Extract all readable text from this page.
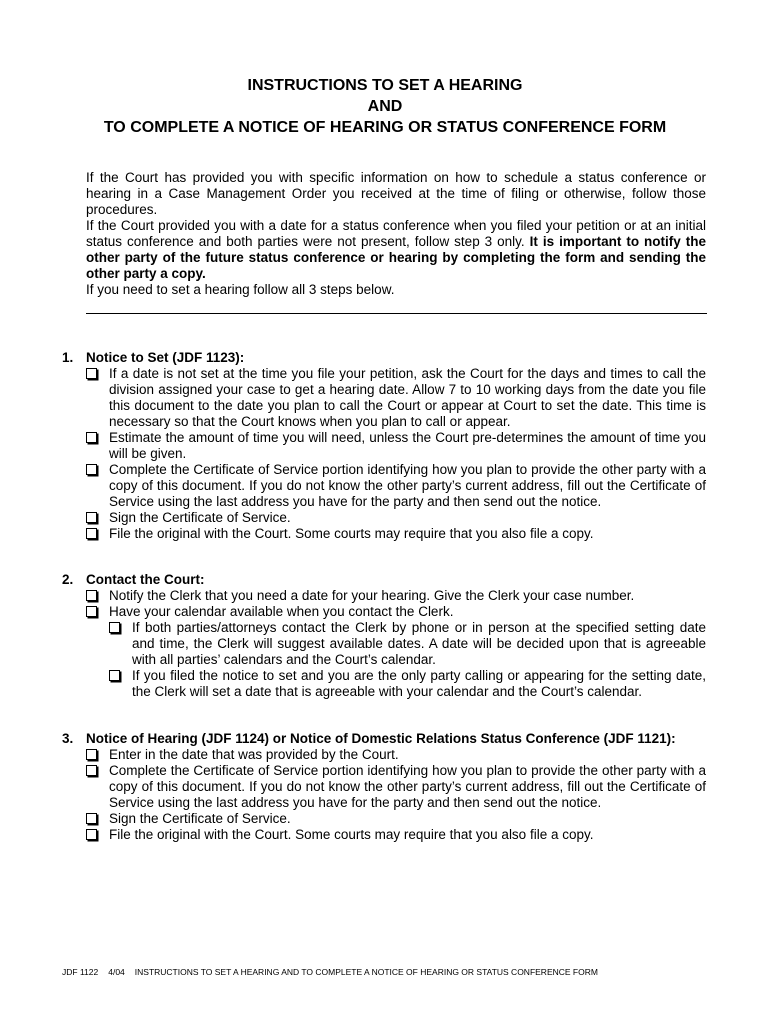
INSTRUCTIONS TO SET A HEARING
AND
TO COMPLETE A NOTICE OF HEARING OR STATUS CONFERENCE FORM
If the Court has provided you with specific information on how to schedule a status conference or hearing in a Case Management Order you received at the time of filing or otherwise, follow those procedures.
If the Court provided you with a date for a status conference when you filed your petition or at an initial status conference and both parties were not present, follow step 3 only. It is important to notify the other party of the future status conference or hearing by completing the form and sending the other party a copy.
If you need to set a hearing follow all 3 steps below.
1. Notice to Set (JDF 1123):
If a date is not set at the time you file your petition, ask the Court for the days and times to call the division assigned your case to get a hearing date. Allow 7 to 10 working days from the date you file this document to the date you plan to call the Court or appear at Court to set the date. This time is necessary so that the Court knows when you plan to call or appear.
Estimate the amount of time you will need, unless the Court pre-determines the amount of time you will be given.
Complete the Certificate of Service portion identifying how you plan to provide the other party with a copy of this document. If you do not know the other party’s current address, fill out the Certificate of Service using the last address you have for the party and then send out the notice.
Sign the Certificate of Service.
File the original with the Court. Some courts may require that you also file a copy.
2. Contact the Court:
Notify the Clerk that you need a date for your hearing. Give the Clerk your case number.
Have your calendar available when you contact the Clerk.
If both parties/attorneys contact the Clerk by phone or in person at the specified setting date and time, the Clerk will suggest available dates. A date will be decided upon that is agreeable with all parties’ calendars and the Court’s calendar.
If you filed the notice to set and you are the only party calling or appearing for the setting date, the Clerk will set a date that is agreeable with your calendar and the Court’s calendar.
3. Notice of Hearing (JDF 1124) or Notice of Domestic Relations Status Conference (JDF 1121):
Enter in the date that was provided by the Court.
Complete the Certificate of Service portion identifying how you plan to provide the other party with a copy of this document. If you do not know the other party’s current address, fill out the Certificate of Service using the last address you have for the party and then send out the notice.
Sign the Certificate of Service.
File the original with the Court. Some courts may require that you also file a copy.
JDF 1122 4/04 INSTRUCTIONS TO SET A HEARING AND TO COMPLETE A NOTICE OF HEARING OR STATUS CONFERENCE FORM
